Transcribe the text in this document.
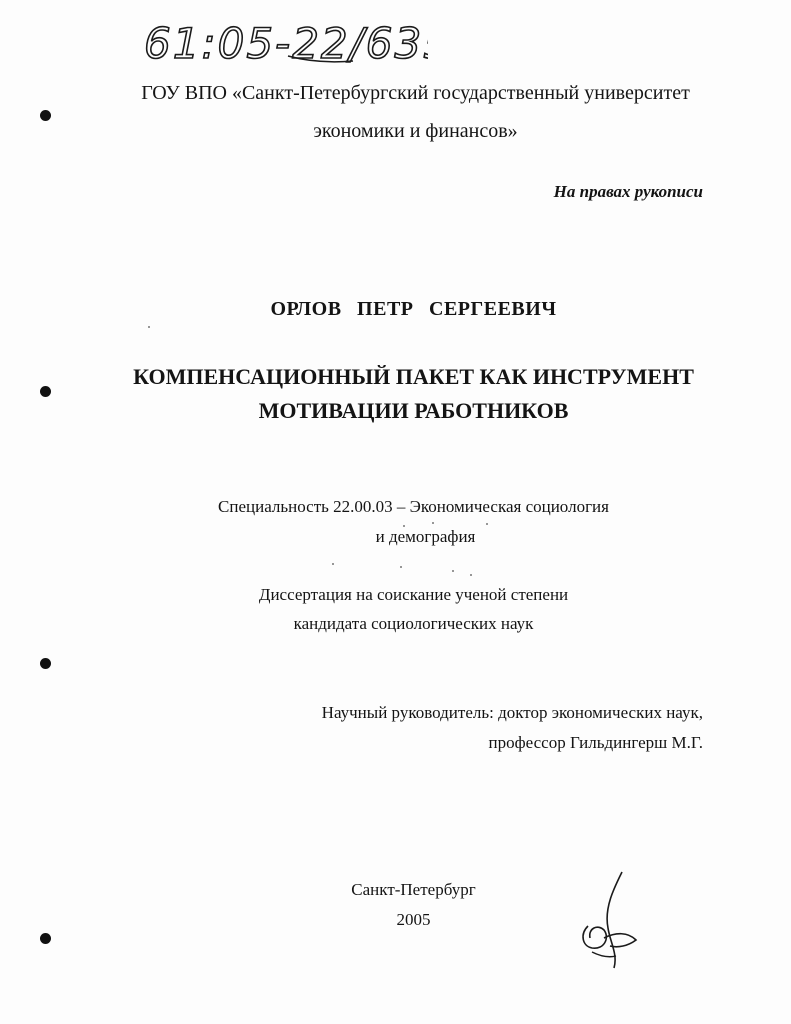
61:05-22/635
ГОУ ВПО «Санкт-Петербургский государственный университет
экономики и финансов»
На правах рукописи
ОРЛОВ ПЕТР СЕРГЕЕВИЧ
КОМПЕНСАЦИОННЫЙ ПАКЕТ КАК ИНСТРУМЕНТ
МОТИВАЦИИ РАБОТНИКОВ
Специальность 22.00.03 – Экономическая социология
и демография
Диссертация на соискание ученой степени
кандидата социологических наук
Научный руководитель: доктор экономических наук,
профессор Гильдингерш М.Г.
Санкт-Петербург
2005
